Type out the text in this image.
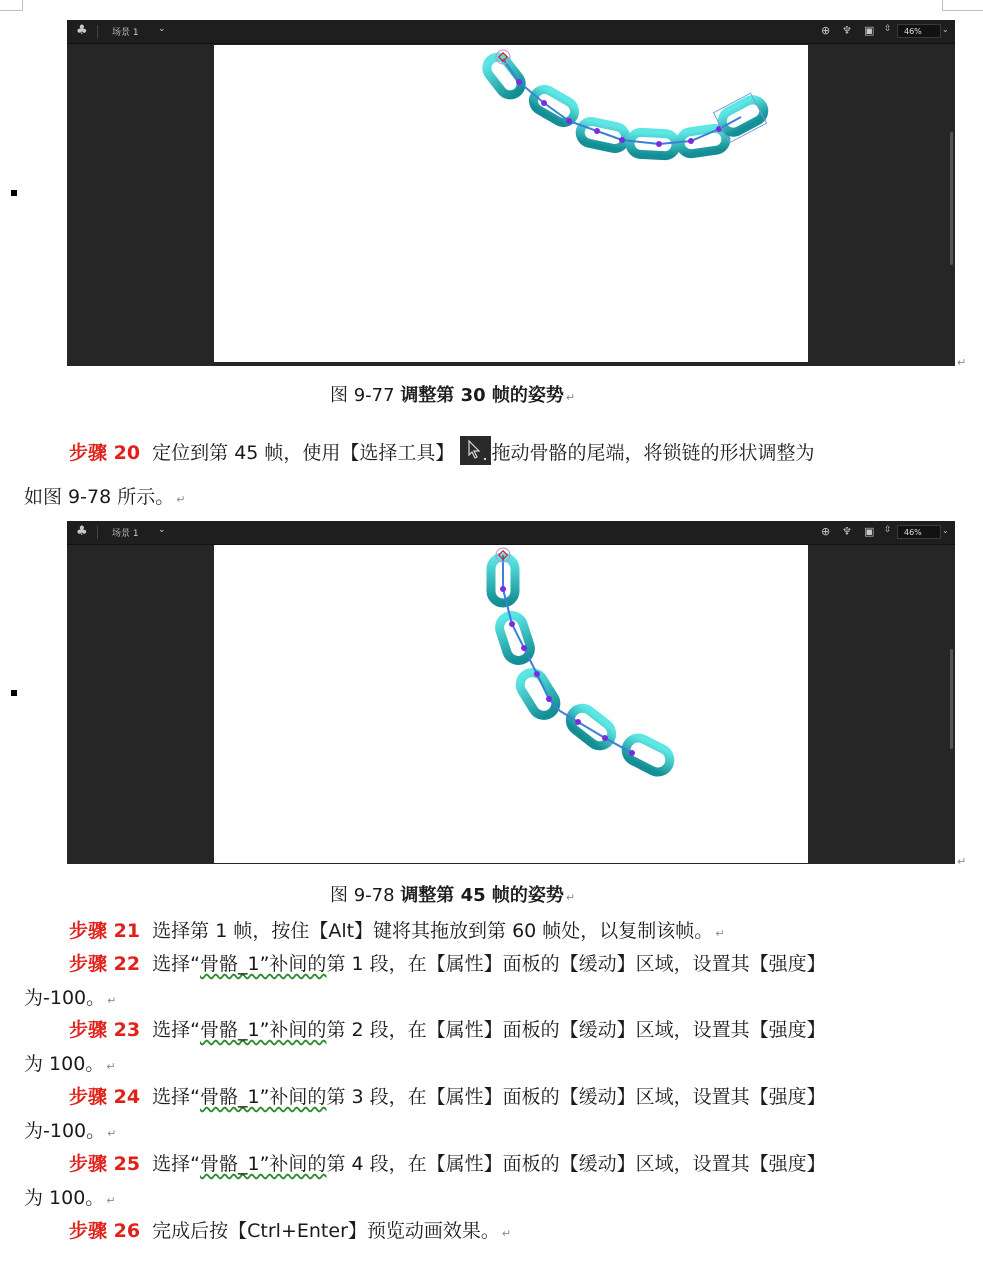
♣	场景 1 ⌄	⊕ ♆ ▣ ⇳	46%	⌄
↵
图 9-77 调整第 30 帧的姿势 ↵
步骤 20 定位到第 45 帧，使用【选择工具】 拖动骨骼的尾端，将锁链的形状调整为
如图 9-78 所示。 ↵
♣	场景 1 ⌄	⊕ ♆ ▣ ⇳	46%	⌄
↵
图 9-78 调整第 45 帧的姿势 ↵
步骤 21 选择第 1 帧，按住【Alt】键将其拖放到第 60 帧处，以复制该帧。 ↵
步骤 22 选择“骨骼_1”补间的第 1 段，在【属性】面板的【缓动】区域，设置其【强度】
为-100。 ↵
步骤 23 选择“骨骼_1”补间的第 2 段，在【属性】面板的【缓动】区域，设置其【强度】
为 100。 ↵
步骤 24 选择“骨骼_1”补间的第 3 段，在【属性】面板的【缓动】区域，设置其【强度】
为-100。 ↵
步骤 25 选择“骨骼_1”补间的第 4 段，在【属性】面板的【缓动】区域，设置其【强度】
为 100。 ↵
步骤 26 完成后按【Ctrl+Enter】预览动画效果。 ↵
